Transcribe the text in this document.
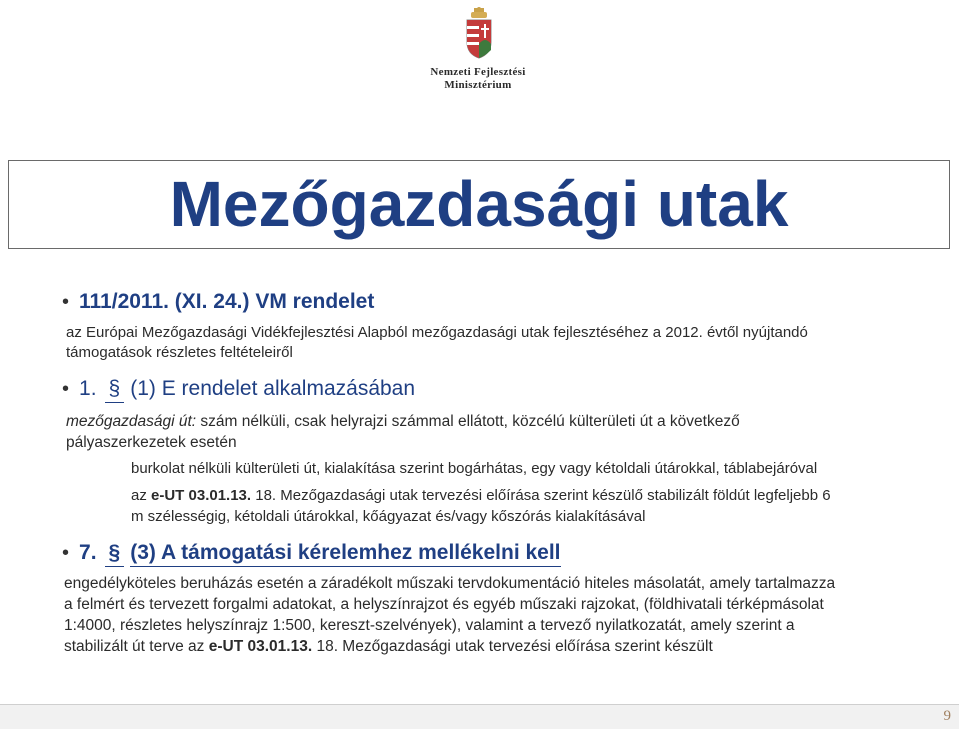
Nemzeti Fejlesztési
Minisztérium
Mezőgazdasági utak
• 111/2011. (XI. 24.) VM rendelet
az Európai Mezőgazdasági Vidékfejlesztési Alapból mezőgazdasági utak fejlesztéséhez a 2012. évtől nyújtandó
támogatások részletes feltételeiről
• 1. § (1) E rendelet alkalmazásában
mezőgazdasági út: szám nélküli, csak helyrajzi számmal ellátott, közcélú külterületi út a következő
pályaszerkezetek esetén
burkolat nélküli külterületi út, kialakítása szerint bogárhátas, egy vagy kétoldali útárokkal, táblabejáróval
az e-UT 03.01.13. 18. Mezőgazdasági utak tervezési előírása szerint készülő stabilizált földút legfeljebb 6
m szélességig, kétoldali útárokkal, kőágyazat és/vagy kőszórás kialakításával
• 7. § (3) A támogatási kérelemhez mellékelni kell
engedélyköteles beruházás esetén a záradékolt műszaki tervdokumentáció hiteles másolatát, amely tartalmazza
a felmért és tervezett forgalmi adatokat, a helyszínrajzot és egyéb műszaki rajzokat, (földhivatali térképmásolat
1:4000, részletes helyszínrajz 1:500, kereszt-szelvények), valamint a tervező nyilatkozatát, amely szerint a
stabilizált út terve az e-UT 03.01.13. 18. Mezőgazdasági utak tervezési előírása szerint készült
9
